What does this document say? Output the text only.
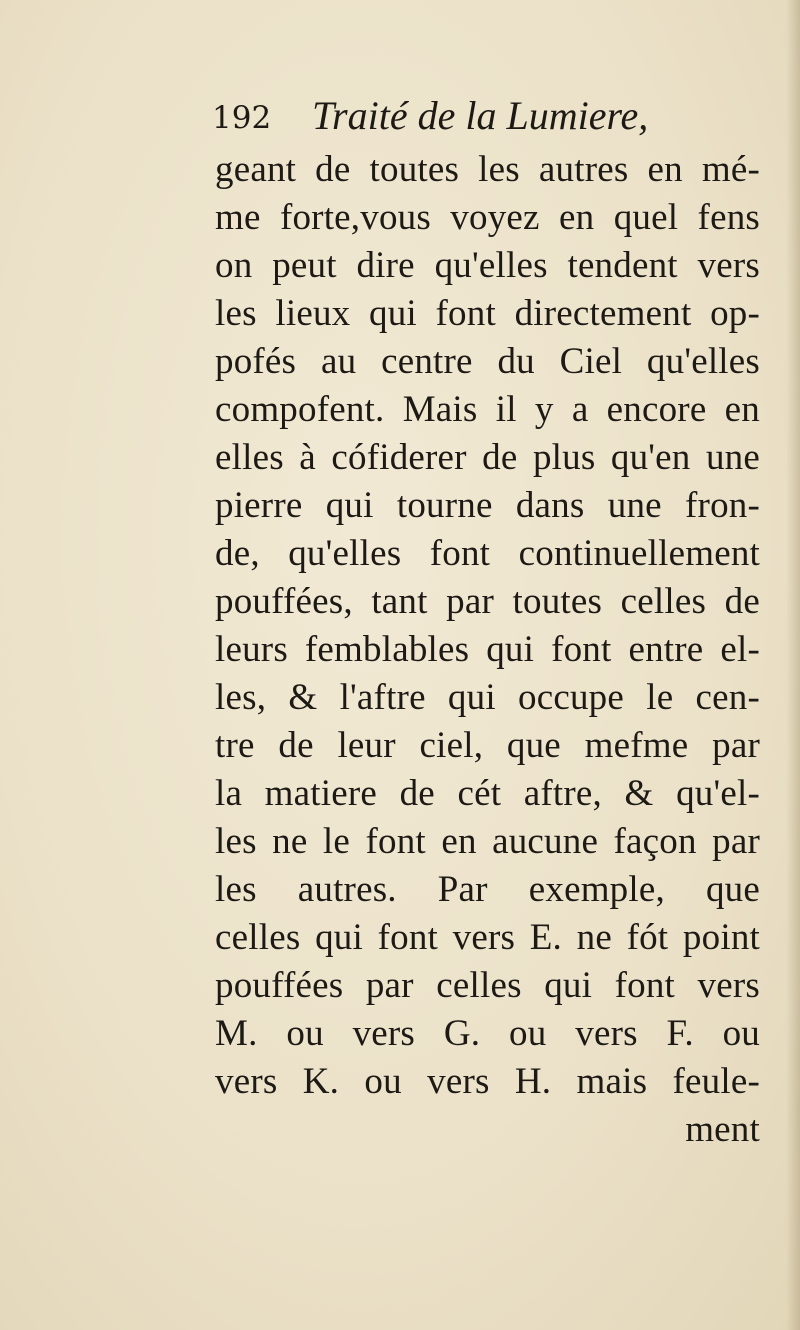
192 Traité de la Lumiere,
geant de toutes les autres en mé-
me forte,vous voyez en quel fens
on peut dire qu'elles tendent vers
les lieux qui font directement op-
pofés au centre du Ciel qu'elles
compofent. Mais il y a encore en
elles à cófiderer de plus qu'en une
pierre qui tourne dans une fron-
de, qu'elles font continuellement
pouffées, tant par toutes celles de
leurs femblables qui font entre el-
les, & l'aftre qui occupe le cen-
tre de leur ciel, que mefme par
la matiere de cét aftre, & qu'el-
les ne le font en aucune façon par
les autres. Par exemple, que
celles qui font vers E. ne fót point
pouffées par celles qui font vers
M. ou vers G. ou vers F. ou
vers K. ou vers H. mais feule-
ment
